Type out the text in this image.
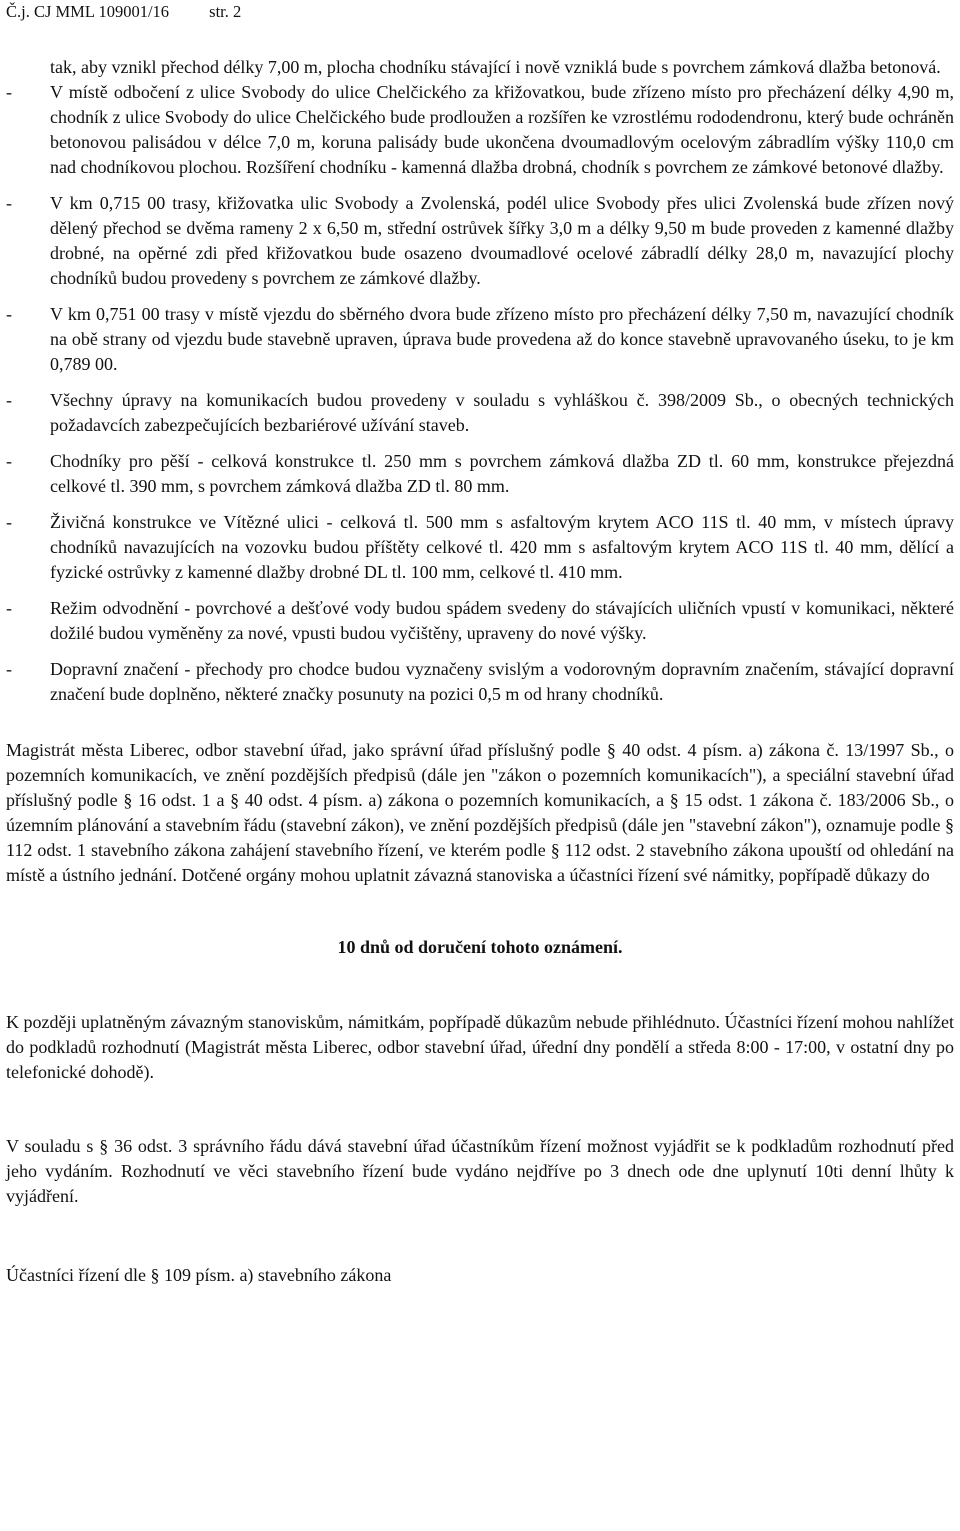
Č.j. CJ MML 109001/16 str. 2

tak, aby vznikl přechod délky 7,00 m, plocha chodníku stávající i nově vzniklá bude s povrchem zámková dlažba betonová.

- V místě odbočení z ulice Svobody do ulice Chelčického za křižovatkou, bude zřízeno místo pro přecházení délky 4,90 m, chodník z ulice Svobody do ulice Chelčického bude prodloužen a rozšířen ke vzrostlému rododendronu, který bude ochráněn betonovou palisádou v délce 7,0 m, koruna palisády bude ukončena dvoumadlovým ocelovým zábradlím výšky 110,0 cm nad chodníkovou plochou. Rozšíření chodníku - kamenná dlažba drobná, chodník s povrchem ze zámkové betonové dlažby.
- V km 0,715 00 trasy, křižovatka ulic Svobody a Zvolenská, podél ulice Svobody přes ulici Zvolenská bude zřízen nový dělený přechod se dvěma rameny 2 x 6,50 m, střední ostrůvek šířky 3,0 m a délky 9,50 m bude proveden z kamenné dlažby drobné, na opěrné zdi před křižovatkou bude osazeno dvoumadlové ocelové zábradlí délky 28,0 m, navazující plochy chodníků budou provedeny s povrchem ze zámkové dlažby.
- V km 0,751 00 trasy v místě vjezdu do sběrného dvora bude zřízeno místo pro přecházení délky 7,50 m, navazující chodník na obě strany od vjezdu bude stavebně upraven, úprava bude provedena až do konce stavebně upravovaného úseku, to je km 0,789 00.
- Všechny úpravy na komunikacích budou provedeny v souladu s vyhláškou č. 398/2009 Sb., o obecných technických požadavcích zabezpečujících bezbariérové užívání staveb.
- Chodníky pro pěší - celková konstrukce tl. 250 mm s povrchem zámková dlažba ZD tl. 60 mm, konstrukce přejezdná celkové tl. 390 mm, s povrchem zámková dlažba ZD tl. 80 mm.
- Živičná konstrukce ve Vítězné ulici - celková tl. 500 mm s asfaltovým krytem ACO 11S tl. 40 mm, v místech úpravy chodníků navazujících na vozovku budou příštěty celkové tl. 420 mm s asfaltovým krytem ACO 11S tl. 40 mm, dělící a fyzické ostrůvky z kamenné dlažby drobné DL tl. 100 mm, celkové tl. 410 mm.
- Režim odvodnění - povrchové a dešťové vody budou spádem svedeny do stávajících uličních vpustí v komunikaci, některé dožilé budou vyměněny za nové, vpusti budou vyčištěny, upraveny do nové výšky.
- Dopravní značení - přechody pro chodce budou vyznačeny svislým a vodorovným dopravním značením, stávající dopravní značení bude doplněno, některé značky posunuty na pozici 0,5 m od hrany chodníků.

Magistrát města Liberec, odbor stavební úřad, jako správní úřad příslušný podle § 40 odst. 4 písm. a) zákona č. 13/1997 Sb., o pozemních komunikacích, ve znění pozdějších předpisů (dále jen "zákon o pozemních komunikacích"), a speciální stavební úřad příslušný podle § 16 odst. 1 a § 40 odst. 4 písm. a) zákona o pozemních komunikacích, a § 15 odst. 1 zákona č. 183/2006 Sb., o územním plánování a stavebním řádu (stavební zákon), ve znění pozdějších předpisů (dále jen "stavební zákon"), oznamuje podle § 112 odst. 1 stavebního zákona zahájení stavebního řízení, ve kterém podle § 112 odst. 2 stavebního zákona upouští od ohledání na místě a ústního jednání. Dotčené orgány mohou uplatnit závazná stanoviska a účastníci řízení své námitky, popřípadě důkazy do

10 dnů od doručení tohoto oznámení.

K později uplatněným závazným stanoviskům, námitkám, popřípadě důkazům nebude přihlédnuto. Účastníci řízení mohou nahlížet do podkladů rozhodnutí (Magistrát města Liberec, odbor stavební úřad, úřední dny pondělí a středa 8:00 - 17:00, v ostatní dny po telefonické dohodě).

V souladu s § 36 odst. 3 správního řádu dává stavební úřad účastníkům řízení možnost vyjádřit se k podkladům rozhodnutí před jeho vydáním. Rozhodnutí ve věci stavebního řízení bude vydáno nejdříve po 3 dnech ode dne uplynutí 10ti denní lhůty k vyjádření.

Účastníci řízení dle § 109 písm. a) stavebního zákona
